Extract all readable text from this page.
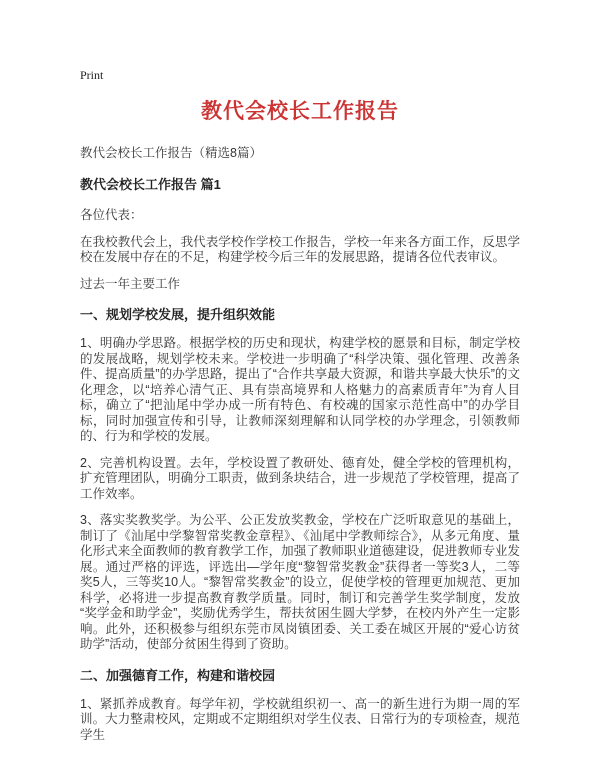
Print
教代会校长工作报告

教代会校长工作报告（精选8篇）

教代会校长工作报告 篇1

各位代表：

在我校教代会上，我代表学校作学校工作报告，学校一年来各方面工作，反思学校在发展中存在的不足，构建学校今后三年的发展思路，提请各位代表审议。

过去一年主要工作

一、规划学校发展，提升组织效能

1、明确办学思路。根据学校的历史和现状，构建学校的愿景和目标，制定学校的发展战略，规划学校未来。学校进一步明确了“科学决策、强化管理、改善条件、提高质量”的办学思路，提出了“合作共享最大资源，和谐共享最大快乐”的文化理念，以“培养心清气正、具有崇高境界和人格魅力的高素质青年”为育人目标，确立了“把汕尾中学办成一所有特色、有校魂的国家示范性高中”的办学目标，同时加强宣传和引导，让教师深刻理解和认同学校的办学理念，引领教师的、行为和学校的发展。

2、完善机构设置。去年，学校设置了教研处、德育处，健全学校的管理机构，扩充管理团队，明确分工职责，做到条块结合，进一步规范了学校管理，提高了工作效率。

3、落实奖教奖学。为公平、公正发放奖教金，学校在广泛听取意见的基础上，制订了《汕尾中学黎智常奖教金章程》、《汕尾中学教师综合》，从多元角度、量化形式来全面教师的教育教学工作，加强了教师职业道德建设，促进教师专业发展。通过严格的评选，评选出—学年度“黎智常奖教金”获得者一等奖3人，二等奖5人，三等奖10人。“黎智常奖教金”的设立，促使学校的管理更加规范、更加科学，必将进一步提高教育教学质量。同时，制订和完善学生奖学制度，发放“奖学金和助学金”，奖励优秀学生，帮扶贫困生圆大学梦，在校内外产生一定影响。此外，还积极参与组织东莞市凤岗镇团委、关工委在城区开展的“爱心访贫助学”活动，使部分贫困生得到了资助。

二、加强德育工作，构建和谐校园

1、紧抓养成教育。每学年初，学校就组织初一、高一的新生进行为期一周的军训。大力整肃校风，定期或不定期组织对学生仪表、日常行为的专项检查，规范学生
